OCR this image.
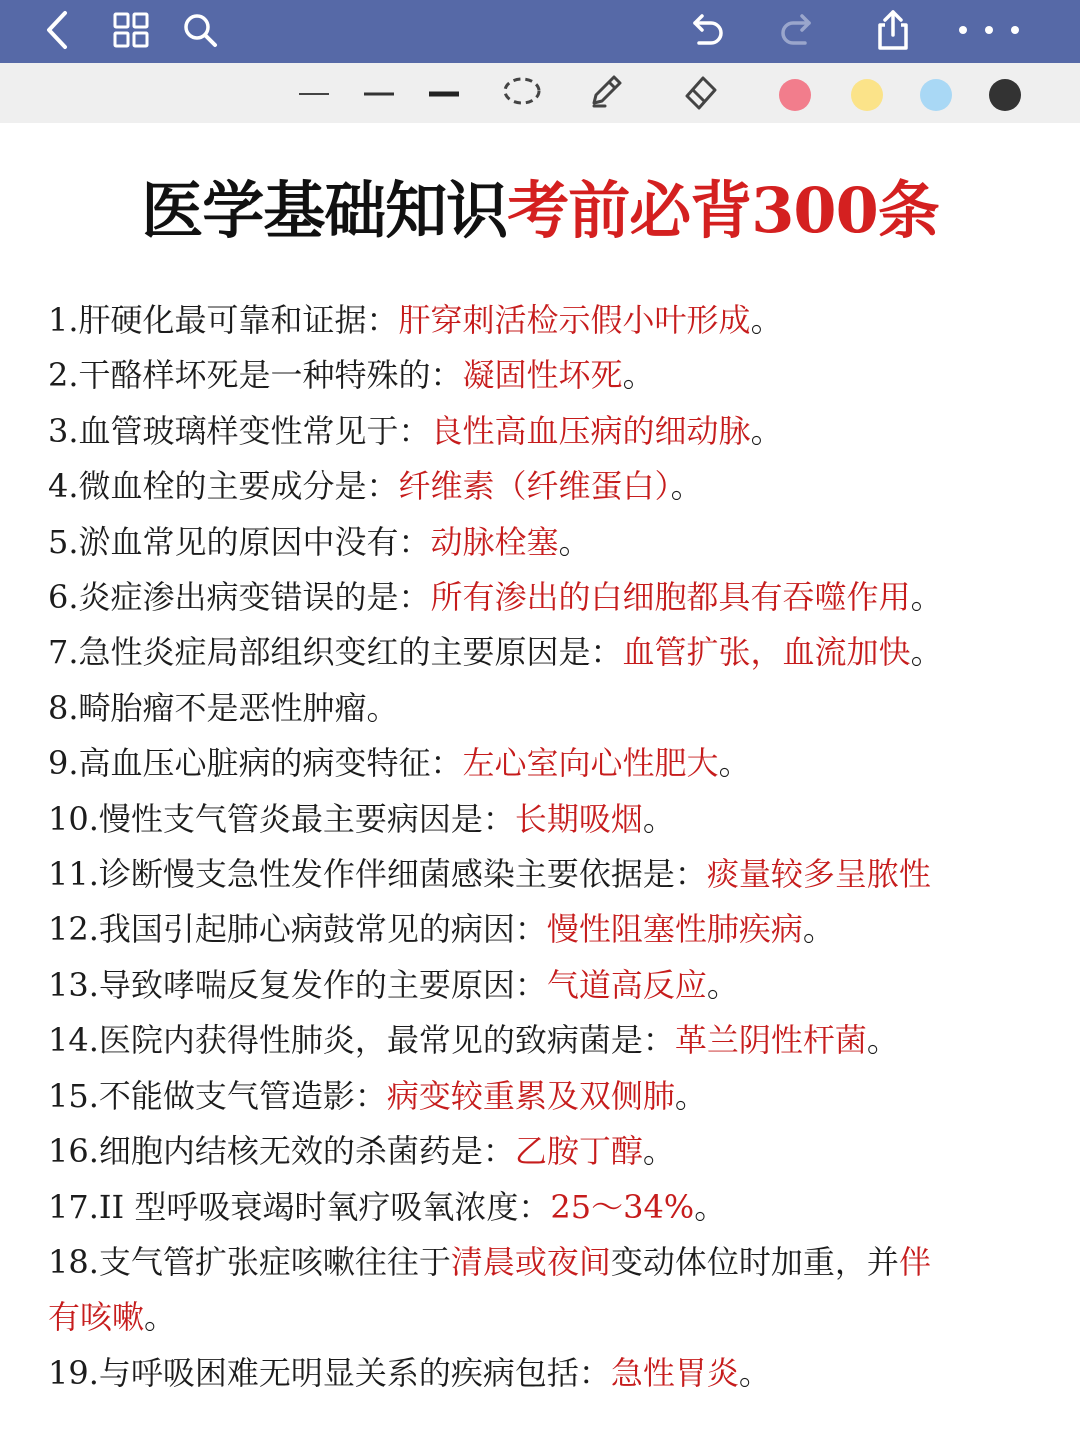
医学基础知识考前必背300条
1.肝硬化最可靠和证据：肝穿刺活检示假小叶形成。
2.干酪样坏死是一种特殊的：凝固性坏死。
3.血管玻璃样变性常见于：良性高血压病的细动脉。
4.微血栓的主要成分是：纤维素（纤维蛋白）。
5.淤血常见的原因中没有：动脉栓塞。
6.炎症渗出病变错误的是：所有渗出的白细胞都具有吞噬作用。
7.急性炎症局部组织变红的主要原因是：血管扩张，血流加快。
8.畸胎瘤不是恶性肿瘤。
9.高血压心脏病的病变特征：左心室向心性肥大。
10.慢性支气管炎最主要病因是：长期吸烟。
11.诊断慢支急性发作伴细菌感染主要依据是：痰量较多呈脓性
12.我国引起肺心病鼓常见的病因：慢性阻塞性肺疾病。
13.导致哮喘反复发作的主要原因：气道高反应。
14.医院内获得性肺炎，最常见的致病菌是：革兰阴性杆菌。
15.不能做支气管造影：病变较重累及双侧肺。
16.细胞内结核无效的杀菌药是：乙胺丁醇。
17.II 型呼吸衰竭时氧疗吸氧浓度：25～34%。
18.支气管扩张症咳嗽往往于清晨或夜间变动体位时加重，并伴
有咳嗽。
19.与呼吸困难无明显关系的疾病包括：急性胃炎。
